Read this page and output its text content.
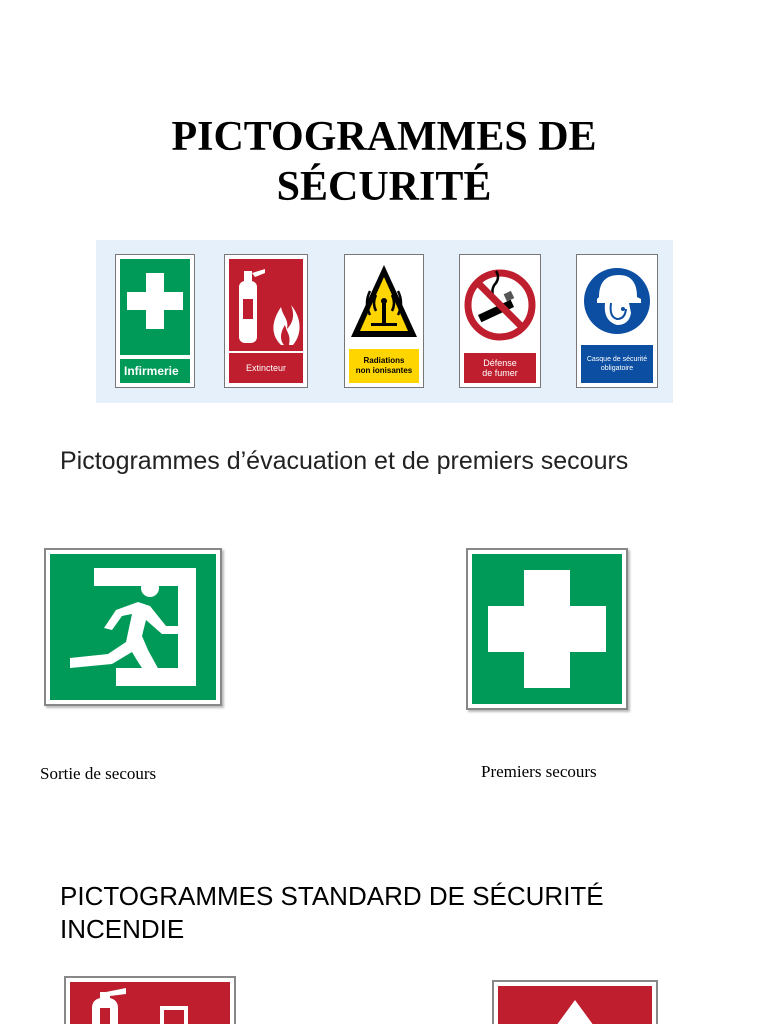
PICTOGRAMMES DE
SÉCURITÉ
Infirmerie	Extincteur
Radiations
non ionisantes
Défense
de fumer
Casque de sécurité
obligatoire
Pictogrammes d’évacuation et de premiers secours
Sortie de secours	Premiers secours
PICTOGRAMMES STANDARD DE SÉCURITÉ INCENDIE
